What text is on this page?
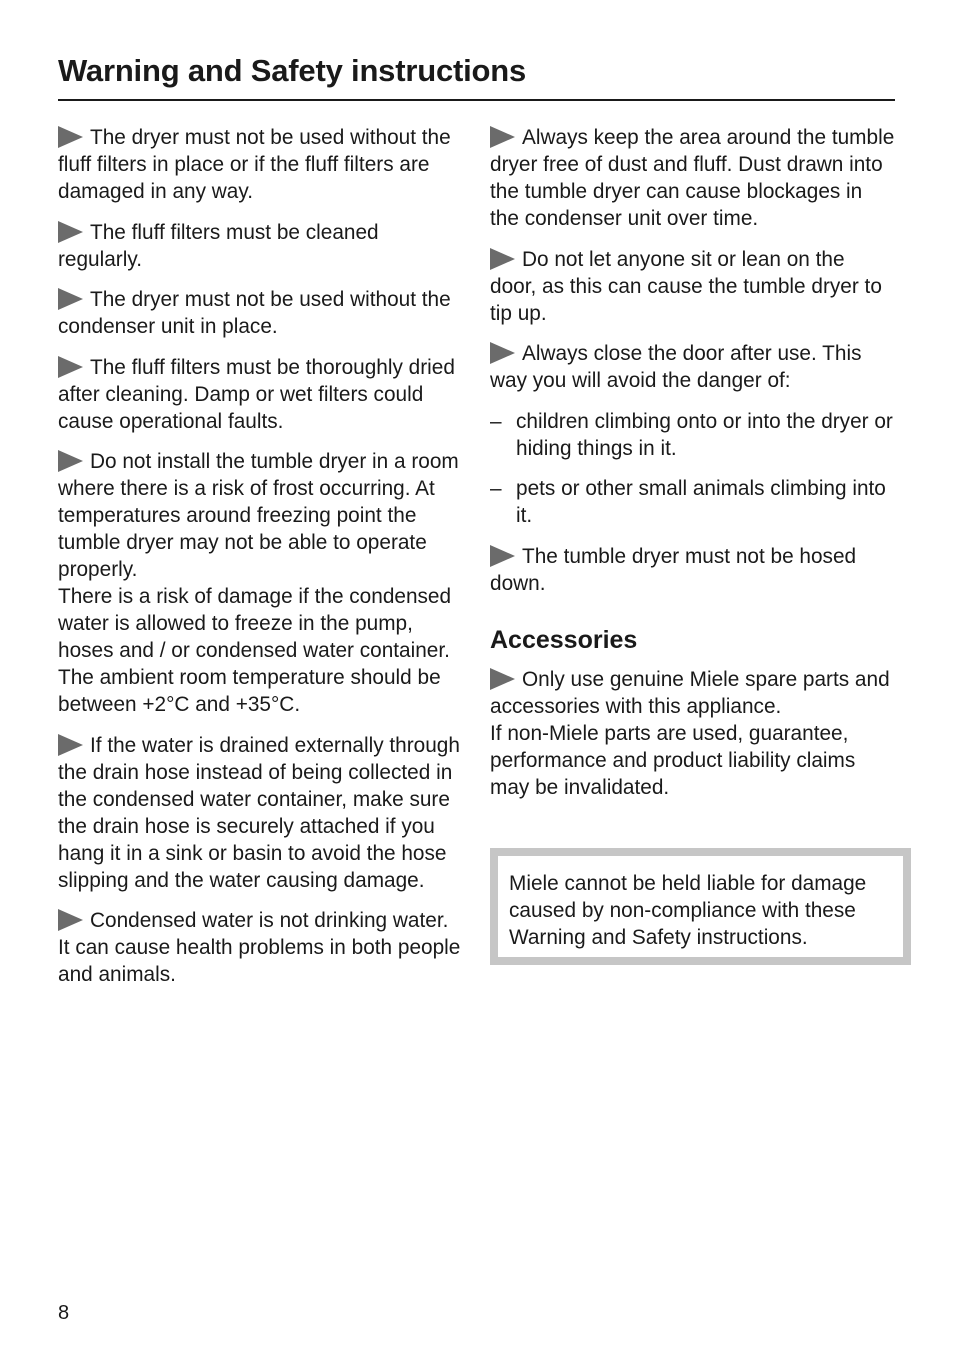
Warning and Safety instructions

The dryer must not be used without the fluff filters in place or if the fluff filters are damaged in any way.

The fluff filters must be cleaned regularly.

The dryer must not be used without the condenser unit in place.

The fluff filters must be thoroughly dried after cleaning. Damp or wet filters could cause operational faults.

Do not install the tumble dryer in a room where there is a risk of frost occurring. At temperatures around freezing point the tumble dryer may not be able to operate properly.

There is a risk of damage if the condensed water is allowed to freeze in the pump, hoses and / or condensed water container.

The ambient room temperature should be between +2°C and +35°C.

If the water is drained externally through the drain hose instead of being collected in the condensed water container, make sure the drain hose is securely attached if you hang it in a sink or basin to avoid the hose slipping and the water causing damage.

Condensed water is not drinking water.

It can cause health problems in both people and animals.

Always keep the area around the tumble dryer free of dust and fluff. Dust drawn into the tumble dryer can cause blockages in the condenser unit over time.

Do not let anyone sit or lean on the door, as this can cause the tumble dryer to tip up.

Always close the door after use. This way you will avoid the danger of:

– children climbing onto or into the dryer or hiding things in it.
– pets or other small animals climbing into it.

The tumble dryer must not be hosed down.

Accessories

Only use genuine Miele spare parts and accessories with this appliance.

If non-Miele parts are used, guarantee, performance and product liability claims may be invalidated.

Miele cannot be held liable for damage caused by non-compliance with these Warning and Safety instructions.

8
